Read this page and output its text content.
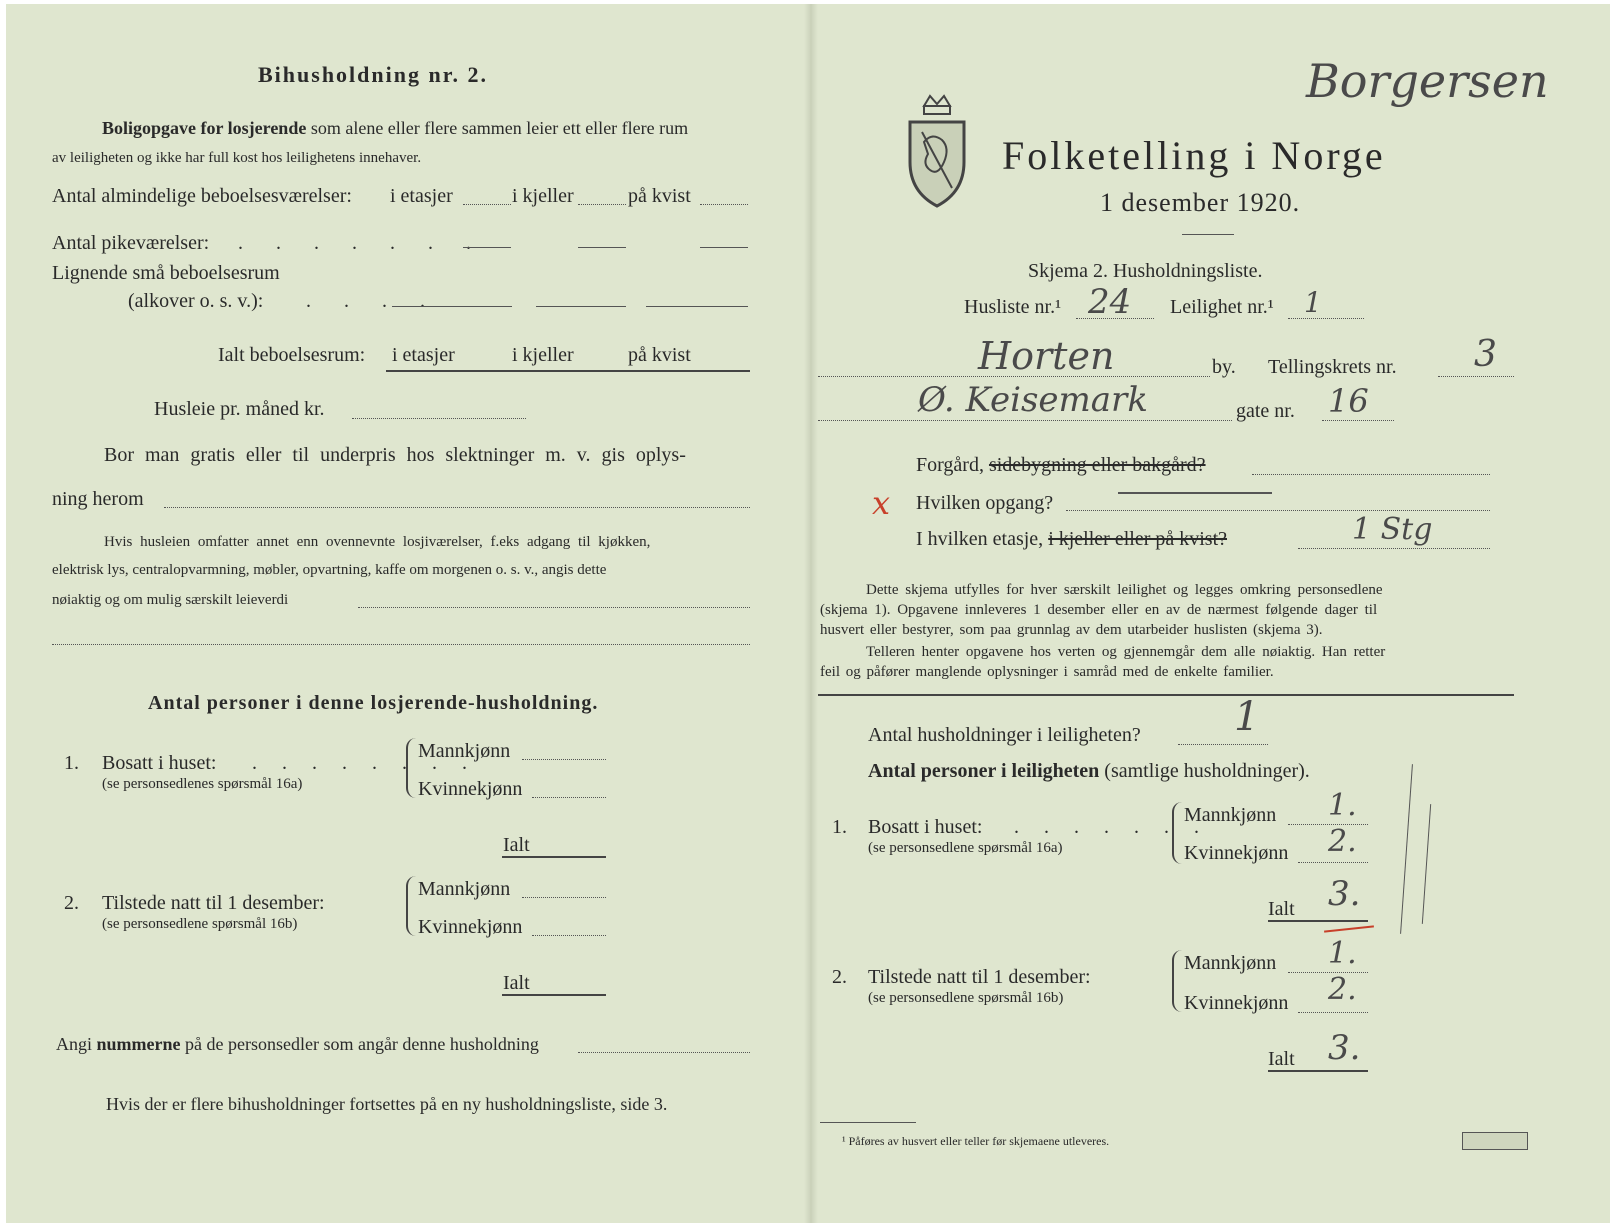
Bihusholdning nr. 2.
Boligopgave for losjerende som alene eller flere sammen leier ett eller flere rum
av leiligheten og ikke har full kost hos leilighetens innehaver.
Antal almindelige beboelsesværelser: i etasjer	i kjeller	på kvist
Antal pikeværelser: . . . . . . .
Lignende små beboelsesrum
(alkover o. s. v.): . . . .
Ialt beboelsesrum: i etasjer	i kjeller	på kvist
Husleie pr. måned kr.
Bor man gratis eller til underpris hos slektninger m. v. gis oplys-
ning herom
Hvis husleien omfatter annet enn ovennevnte losjiværelser, f.eks adgang til kjøkken,
elektrisk lys, centralopvarmning, møbler, opvartning, kaffe om morgenen o. s. v., angis dette
nøiaktig og om mulig særskilt leieverdi
Antal personer i denne losjerende-husholdning.
1. Bosatt i huset: . . . . . . . .
(se personsedlenes spørsmål 16a)
Mannkjønn
Kvinnekjønn
Ialt
2. Tilstede natt til 1 desember:
(se personsedlene spørsmål 16b)
Mannkjønn
Kvinnekjønn
Ialt
Angi nummerne på de personsedler som angår denne husholdning
Hvis der er flere bihusholdninger fortsettes på en ny husholdningsliste, side 3.
Folketelling i Norge
1 desember 1920.
Borgersen
Skjema 2. Husholdningsliste.
Husliste nr.¹ 24 Leilighet nr.¹ 1
Horten	by. Tellingskrets nr. 3
Ø. Keisemark	gate nr. 16
Forgård, sidebygning eller bakgård?
x Hvilken opgang?
I hvilken etasje, i kjeller eller på kvist?	1 Stg
Dette skjema utfylles for hver særskilt leilighet og legges omkring personsedlene
(skjema 1). Opgavene innleveres 1 desember eller en av de nærmest følgende dager til
husvert eller bestyrer, som paa grunnlag av dem utarbeider huslisten (skjema 3).
Telleren henter opgavene hos verten og gjennemgår dem alle nøiaktig. Han retter
feil og påfører manglende oplysninger i samråd med de enkelte familier.
Antal husholdninger i leiligheten? 1
Antal personer i leiligheten (samtlige husholdninger).
1. Bosatt i huset: . . . . . . .
(se personsedlene spørsmål 16a)
Mannkjønn 1.
Kvinnekjønn 2.
Ialt 3.
2. Tilstede natt til 1 desember:
(se personsedlene spørsmål 16b)
Mannkjønn 1.
Kvinnekjønn 2.
Ialt 3.
¹ Påføres av husvert eller teller før skjemaene utleveres.
